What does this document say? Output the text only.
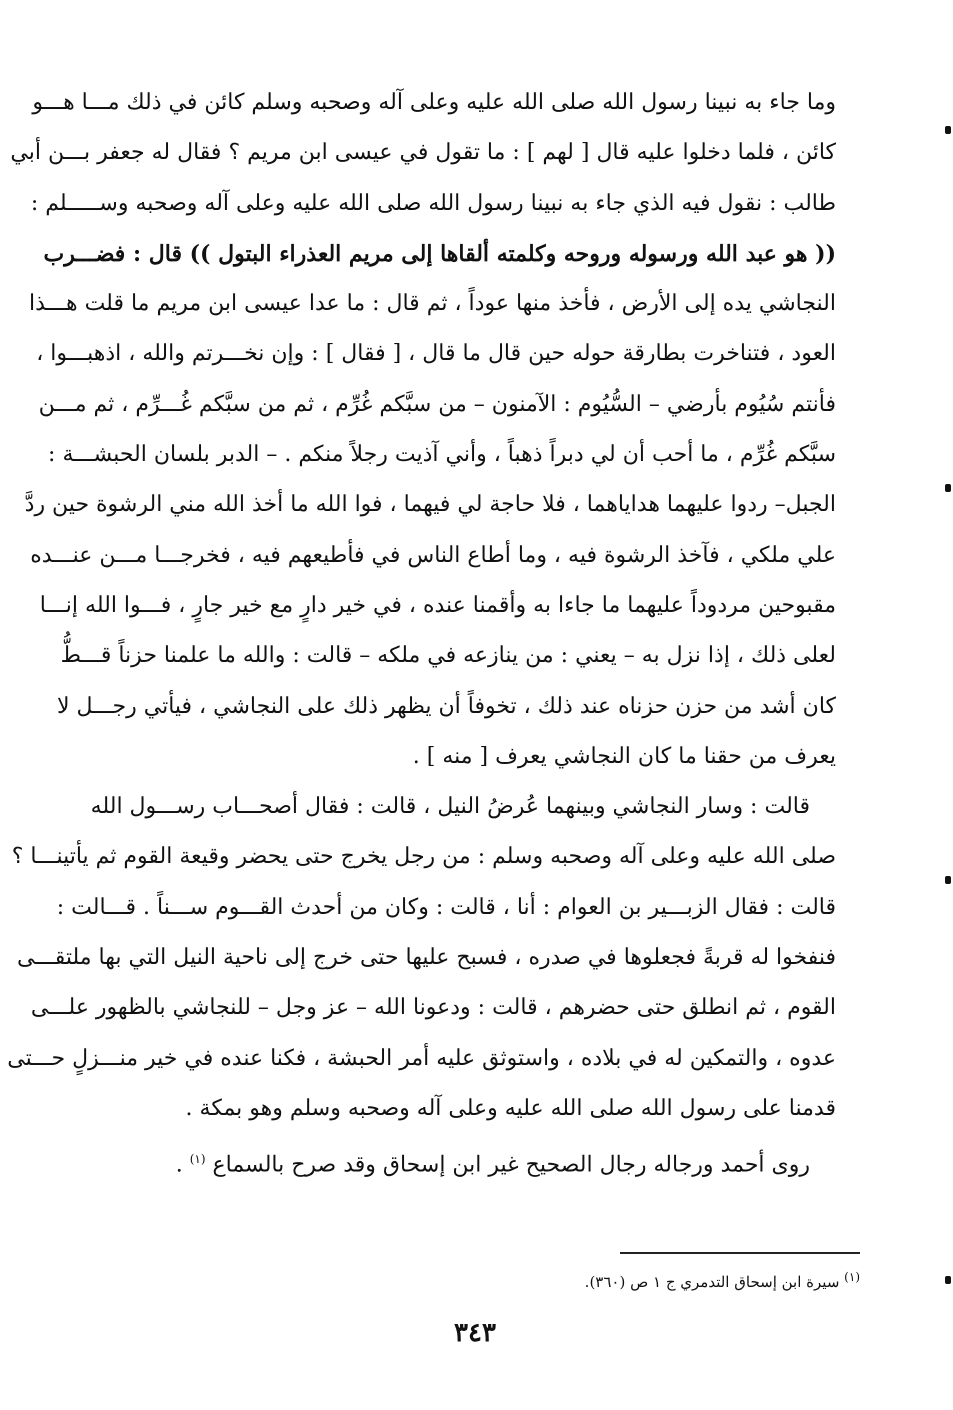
وما جاء به نبينا رسول الله صلى الله عليه وعلى آله وصحبه وسلم كائن في ذلك مـــا هـــو
كائن ، فلما دخلوا عليه قال [ لهم ] : ما تقول في عيسى ابن مريم ؟ فقال له جعفر بـــن أبي
طالب : نقول فيه الذي جاء به نبينا رسول الله صلى الله عليه وعلى آله وصحبه وســـــلم :
(( هو عبد الله ورسوله وروحه وكلمته ألقاها إلى مريم العذراء البتول )) قال : فضـــرب
النجاشي يده إلى الأرض ، فأخذ منها عوداً ، ثم قال : ما عدا عيسى ابن مريم ما قلت هـــذا
العود ، فتناخرت بطارقة حوله حين قال ما قال ، [ فقال ] : وإن نخـــرتم والله ، اذهبـــوا ،
فأنتم سُيُوم بأرضي – السُّيُوم : الآمنون – من سبَّكم غُرِّم ، ثم من سبَّكم غُـــرِّم ، ثم مـــن
سبَّكم غُرِّم ، ما أحب أن لي دبراً ذهباً ، وأني آذيت رجلاً منكم . – الدبر بلسان الحبشـــة :
الجبل– ردوا عليهما هداياهما ، فلا حاجة لي فيهما ، فوا الله ما أخذ الله مني الرشوة حين ردَّ
علي ملكي ، فآخذ الرشوة فيه ، وما أطاع الناس في فأطيعهم فيه ، فخرجـــا مـــن عنـــده
مقبوحين مردوداً عليهما ما جاءا به وأقمنا عنده ، في خير دارٍ مع خير جارٍ ، فـــوا الله إنـــا
لعلى ذلك ، إذا نزل به – يعني : من ينازعه في ملكه – قالت : والله ما علمنا حزناً قـــطُّ
كان أشد من حزن حزناه عند ذلك ، تخوفاً أن يظهر ذلك على النجاشي ، فيأتي رجـــل لا
يعرف من حقنا ما كان النجاشي يعرف [ منه ] .
قالت : وسار النجاشي وبينهما عُرضُ النيل ، قالت : فقال أصحـــاب رســـول الله
صلى الله عليه وعلى آله وصحبه وسلم : من رجل يخرج حتى يحضر وقيعة القوم ثم يأتينـــا ؟
قالت : فقال الزبـــير بن العوام : أنا ، قالت : وكان من أحدث القـــوم ســـناً . قـــالت :
فنفخوا له قربةً فجعلوها في صدره ، فسبح عليها حتى خرج إلى ناحية النيل التي بها ملتقـــى
القوم ، ثم انطلق حتى حضرهم ، قالت : ودعونا الله – عز وجل – للنجاشي بالظهور علـــى
عدوه ، والتمكين له في بلاده ، واستوثق عليه أمر الحبشة ، فكنا عنده في خير منـــزلٍ حـــتى
قدمنا على رسول الله صلى الله عليه وعلى آله وصحبه وسلم وهو بمكة .
روى أحمد ورجاله رجال الصحيح غير ابن إسحاق وقد صرح بالسماع $^{(١)}$ .
$^{(١)}$ سيرة ابن إسحاق التدمري ج ١ ص (٣٦٠).
٣٤٣
